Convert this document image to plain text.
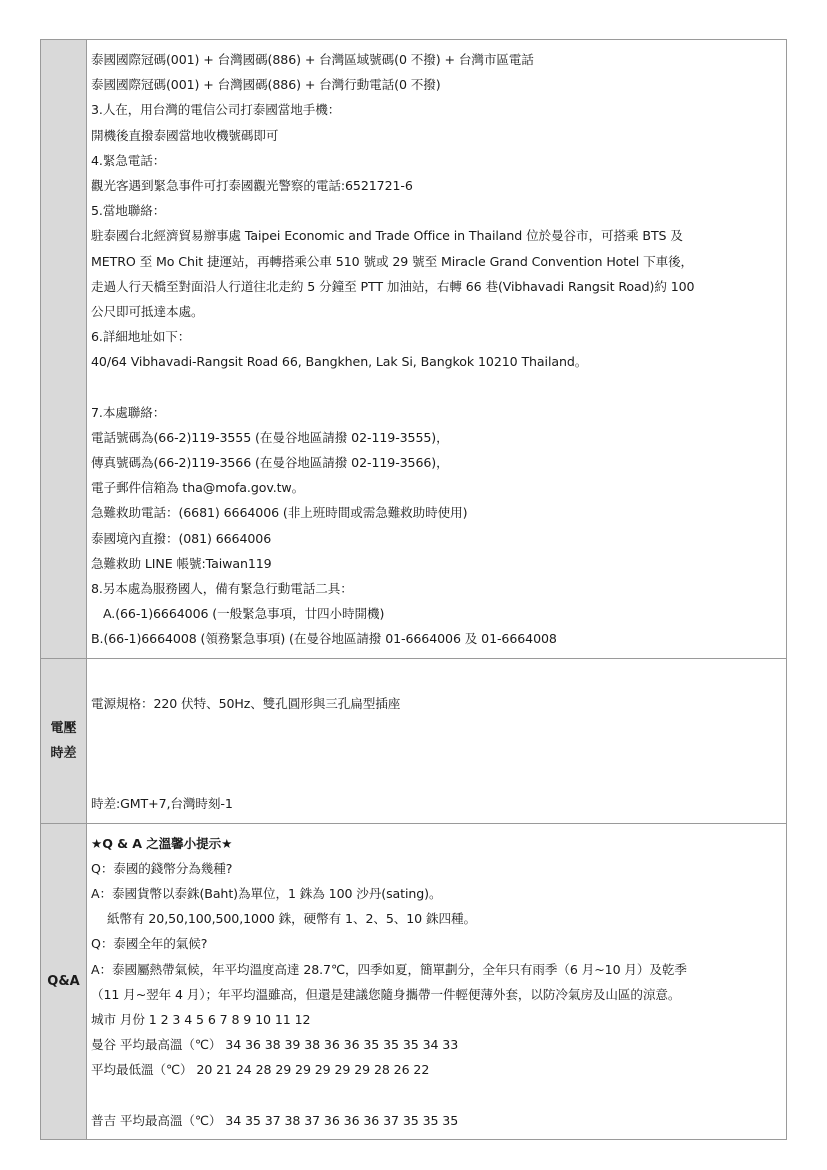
泰國國際冠碼(001) + 台灣國碼(886) + 台灣區域號碼(0 不撥) + 台灣市區電話
泰國國際冠碼(001) + 台灣國碼(886) + 台灣行動電話(0 不撥)
3.人在，用台灣的電信公司打泰國當地手機：
開機後直撥泰國當地收機號碼即可
4.緊急電話：
觀光客遇到緊急事件可打泰國觀光警察的電話:6521721-6
5.當地聯絡：
駐泰國台北經濟貿易辦事處 Taipei Economic and Trade Office in Thailand 位於曼谷市，可搭乘 BTS 及
METRO 至 Mo Chit 捷運站，再轉搭乘公車 510 號或 29 號至 Miracle Grand Convention Hotel 下車後，
走過人行天橋至對面沿人行道往北走約 5 分鐘至 PTT 加油站，右轉 66 巷(Vibhavadi Rangsit Road)約 100
公尺即可抵達本處。
6.詳細地址如下：
40/64 Vibhavadi-Rangsit Road 66, Bangkhen, Lak Si, Bangkok 10210 Thailand。
7.本處聯絡：
電話號碼為(66-2)119-3555 (在曼谷地區請撥 02-119-3555)，
傳真號碼為(66-2)119-3566 (在曼谷地區請撥 02-119-3566)，
電子郵件信箱為 tha@mofa.gov.tw。
急難救助電話：(6681) 6664006 (非上班時間或需急難救助時使用)
泰國境內直撥：(081) 6664006
急難救助 LINE 帳號:Taiwan119
8.另本處為服務國人，備有緊急行動電話二具：
A.(66-1)6664006 (一般緊急事項，廿四小時開機)
B.(66-1)6664008 (領務緊急事項) (在曼谷地區請撥 01-6664006 及 01-6664008
電壓
時差
電源規格：220 伏特、50Hz、雙孔圓形與三孔扁型插座
時差:GMT+7,台灣時刻-1
Q&A
★Q & A 之溫馨小提示★
Q：泰國的錢幣分為幾種?
A：泰國貨幣以泰銖(Baht)為單位，1 銖為 100 沙丹(sating)。
紙幣有 20,50,100,500,1000 銖，硬幣有 1、2、5、10 銖四種。
Q：泰國全年的氣候?
A：泰國屬熱帶氣候，年平均溫度高達 28.7℃，四季如夏，簡單劃分，全年只有雨季（6 月~10 月）及乾季
（11 月~翌年 4 月）；年平均溫雖高，但還是建議您隨身攜帶一件輕便薄外套，以防冷氣房及山區的涼意。
城市 月份 1 2 3 4 5 6 7 8 9 10 11 12
曼谷 平均最高溫（℃） 34 36 38 39 38 36 36 35 35 35 34 33
平均最低溫（℃） 20 21 24 28 29 29 29 29 29 28 26 22
普吉 平均最高溫（℃） 34 35 37 38 37 36 36 36 37 35 35 35
